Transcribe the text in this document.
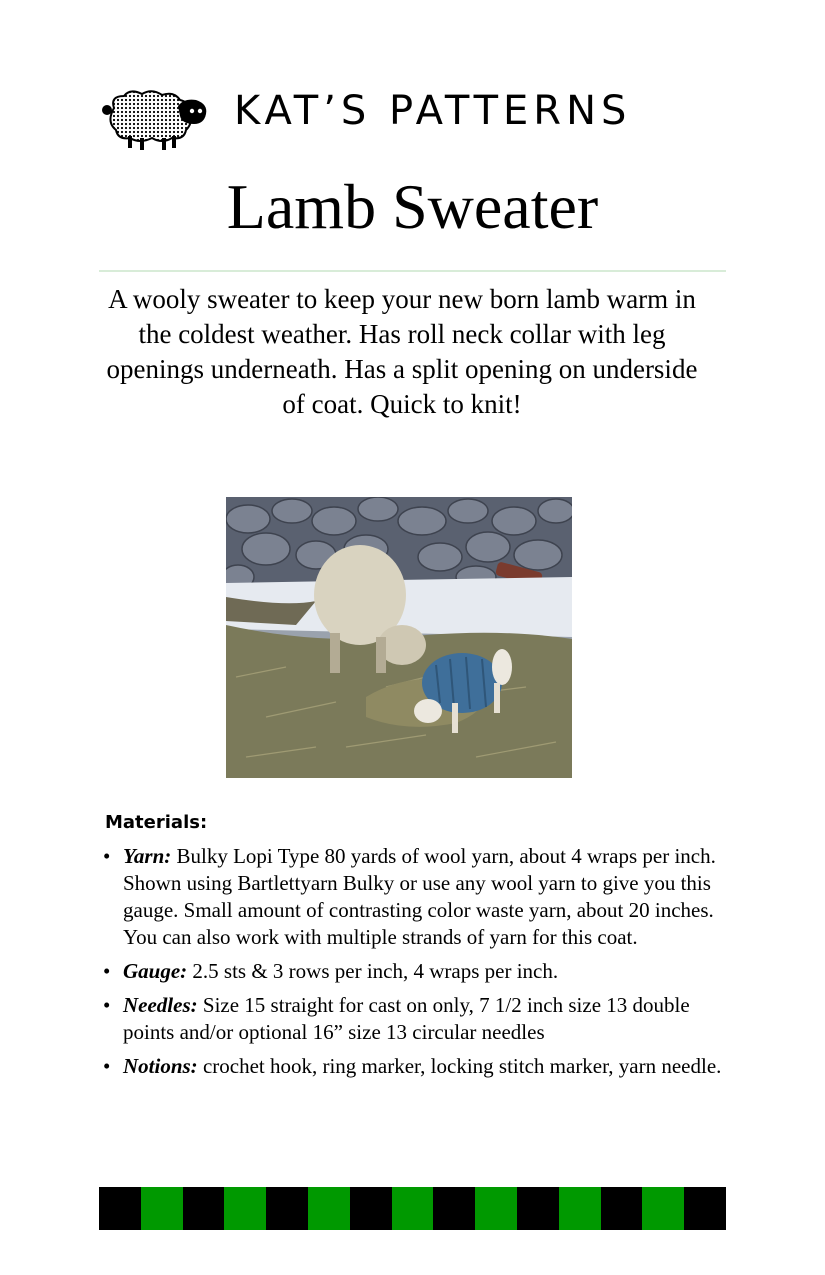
KAT’S PATTERNS
Lamb Sweater
A wooly sweater to keep your new born lamb warm in the coldest weather. Has roll neck collar with leg openings underneath. Has a split opening on underside of coat. Quick to knit!
Materials:
• Yarn: Bulky Lopi Type 80 yards of wool yarn, about 4 wraps per inch. Shown using Bartlettyarn Bulky or use any wool yarn to give you this gauge. Small amount of contrasting color waste yarn, about 20 inches. You can also work with multiple strands of yarn for this coat.
• Gauge: 2.5 sts & 3 rows per inch, 4 wraps per inch.
• Needles: Size 15 straight for cast on only, 7 1/2 inch size 13 double points and/or optional 16” size 13 circular needles
• Notions: crochet hook, ring marker, locking stitch marker, yarn needle.
